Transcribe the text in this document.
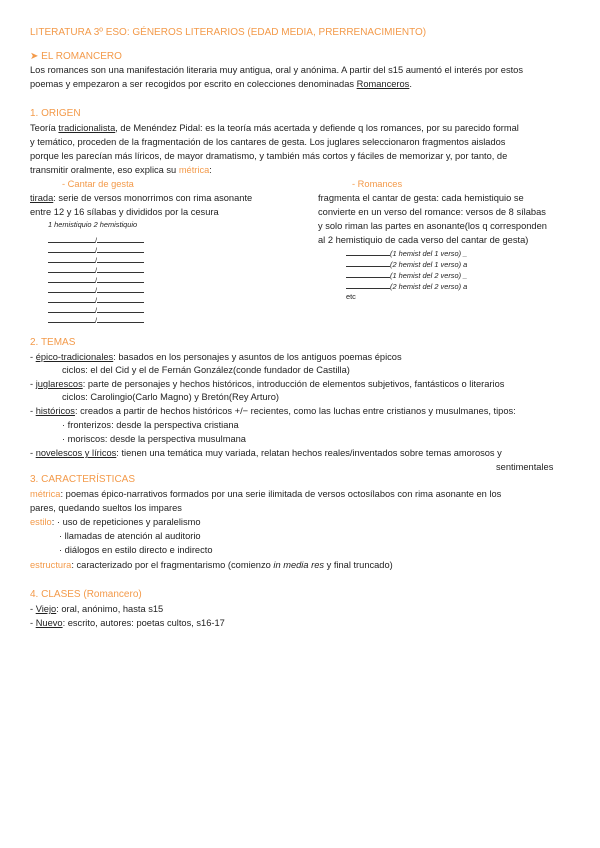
LITERATURA 3º ESO: GÉNEROS LITERARIOS (EDAD MEDIA, PRERRENACIMIENTO)
➤ EL ROMANCERO
Los romances son una manifestación literaria muy antigua, oral y anónima. A partir del s15 aumentó el interés por estos
poemas y empezaron a ser recogidos por escrito en colecciones denominadas Romanceros.
1. ORIGEN
Teoría tradicionalista, de Menéndez Pidal: es la teoría más acertada y defiende q los romances, por su parecido formal
y temático, proceden de la fragmentación de los cantares de gesta. Los juglares seleccionaron fragmentos aislados
porque les parecían más líricos, de mayor dramatismo, y también más cortos y fáciles de memorizar y, por tanto, de
transmitir oralmente, eso explica su métrica:
- Cantar de gesta	- Romances
tirada: serie de versos monorrimos con rima asonante
entre 12 y 16 sílabas y divididos por la cesura
1 hemistiquio 2 hemistiquio
/
/
/
/
/
/
/
/
/
fragmenta el cantar de gesta: cada hemistiquio se
convierte en un verso del romance: versos de 8 sílabas
y solo riman las partes en asonante(los q corresponden
al 2 hemistiquio de cada verso del cantar de gesta)
(1 hemist del 1 verso) _
(2 hemist del 1 verso) a
(1 hemist del 2 verso) _
(2 hemist del 2 verso) a
etc
2. TEMAS
- épico-tradicionales: basados en los personajes y asuntos de los antiguos poemas épicos
ciclos: el del Cid y el de Fernán González(conde fundador de Castilla)
- juglarescos: parte de personajes y hechos históricos, introducción de elementos subjetivos, fantásticos o literarios
ciclos: Carolingio(Carlo Magno) y Bretón(Rey Arturo)
- históricos: creados a partir de hechos históricos +/− recientes, como las luchas entre cristianos y musulmanes, tipos:
· fronterizos: desde la perspectiva cristiana
· moriscos: desde la perspectiva musulmana
- novelescos y líricos: tienen una temática muy variada, relatan hechos reales/inventados sobre temas amorosos y
sentimentales
3. CARACTERÍSTICAS
métrica: poemas épico-narrativos formados por una serie ilimitada de versos octosílabos con rima asonante en los
pares, quedando sueltos los impares
estilo: · uso de repeticiones y paralelismo
· llamadas de atención al auditorio
· diálogos en estilo directo e indirecto
estructura: caracterizado por el fragmentarismo (comienzo in media res y final truncado)
4. CLASES (Romancero)
- Viejo: oral, anónimo, hasta s15
- Nuevo: escrito, autores: poetas cultos, s16-17
